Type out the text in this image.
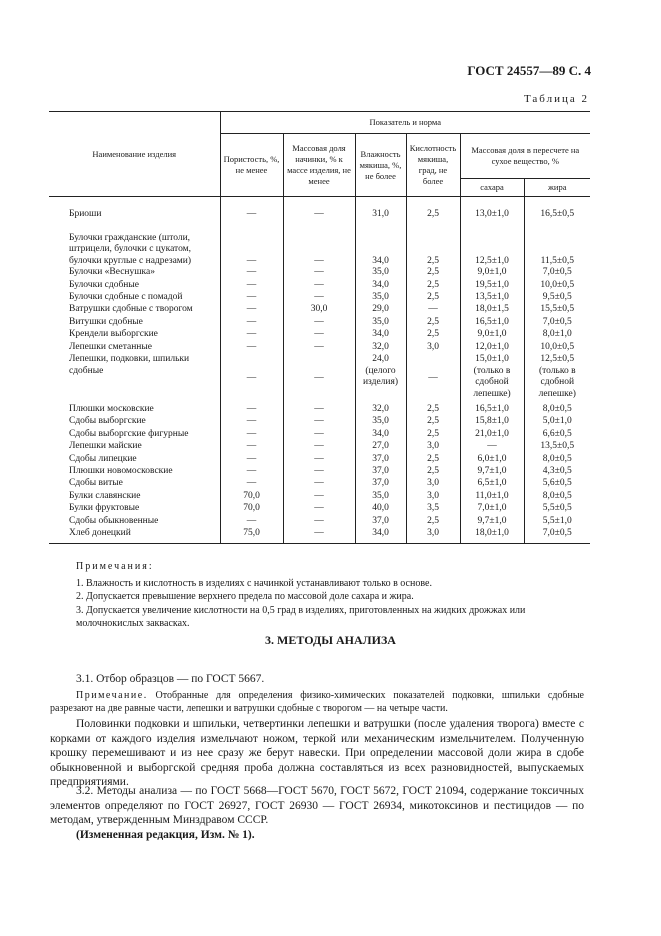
ГОСТ 24557—89 С. 4
Таблица 2
Наименование изделия	Показатель и норма					
	Пористость, %, не менее	Массовая доля начинки, % к массе изделия, не менее	Влажность мякиша, %, не более	Кислотность мякиша, град, не более	Массовая доля в пересчете на сухое вещество, %	
					сахара	жира

Бриоши	—	—	31,0	2,5	13,0±1,0	16,5±0,5

Булочки гражданские (штоли, штрицели, булочки с цукатом, булочки круглые с надрезами)	—	—	34,0	2,5	12,5±1,0	11,5±0,5
Булочки «Веснушка»	—	—	35,0	2,5	9,0±1,0	7,0±0,5
Булочки сдобные	—	—	34,0	2,5	19,5±1,0	10,0±0,5
Булочки сдобные с помадой	—	—	35,0	2,5	13,5±1,0	9,5±0,5
Ватрушки сдобные с творогом	—	30,0	29,0	—	18,0±1,5	15,5±0,5
Витушки сдобные	—	—	35,0	2,5	16,5±1,0	7,0±0,5
Крендели выборгские	—	—	34,0	2,5	9,0±1,0	8,0±1,0
Лепешки сметанные	—	—	32,0	3,0	12,0±1,0	10,0±0,5
Лепешки, подковки, шпильки сдобные	—	—	24,0 (целого изделия)	—	15,0±1,0 (только в сдобной лепешке)	12,5±0,5 (только в сдобной лепешке)
Плюшки московские	—	—	32,0	2,5	16,5±1,0	8,0±0,5
Сдобы выборгские	—	—	35,0	2,5	15,8±1,0	5,0±1,0
Сдобы выборгские фигурные	—	—	34,0	2,5	21,0±1,0	6,6±0,5
Лепешки майские	—	—	27,0	3,0	—	13,5±0,5
Сдобы липецкие	—	—	37,0	2,5	6,0±1,0	8,0±0,5
Плюшки новомосковские	—	—	37,0	2,5	9,7±1,0	4,3±0,5
Сдобы витые	—	—	37,0	3,0	6,5±1,0	5,6±0,5
Булки славянские	70,0	—	35,0	3,0	11,0±1,0	8,0±0,5
Булки фруктовые	70,0	—	40,0	3,5	7,0±1,0	5,5±0,5
Сдобы обыкновенные	—	—	37,0	2,5	9,7±1,0	5,5±1,0
Хлеб донецкий	75,0	—	34,0	3,0	18,0±1,0	7,0±0,5
Примечания:

1. Влажность и кислотность в изделиях с начинкой устанавливают только в основе.

2. Допускается превышение верхнего предела по массовой доле сахара и жира.

3. Допускается увеличение кислотности на 0,5 град в изделиях, приготовленных на жидких дрожжах или молочнокислых заквасках.

3. МЕТОДЫ АНАЛИЗА

3.1. Отбор образцов — по ГОСТ 5667.

Примечание. Отобранные для определения физико-химических показателей подковки, шпильки сдобные разрезают на две равные части, лепешки и ватрушки сдобные с творогом — на четыре части.

Половинки подковки и шпильки, четвертинки лепешки и ватрушки (после удаления творога) вместе с корками от каждого изделия измельчают ножом, теркой или механическим измельчителем. Полученную крошку перемешивают и из нее сразу же берут навески. При определении массовой доли жира в сдобе обыкновенной и выборгской средняя проба должна составляться из всех разновидностей, выпускаемых предприятиями.

3.2. Методы анализа — по ГОСТ 5668—ГОСТ 5670, ГОСТ 5672, ГОСТ 21094, содержание токсичных элементов определяют по ГОСТ 26927, ГОСТ 26930 — ГОСТ 26934, микотоксинов и пестицидов — по методам, утвержденным Минздравом СССР.

(Измененная редакция, Изм. № 1).
